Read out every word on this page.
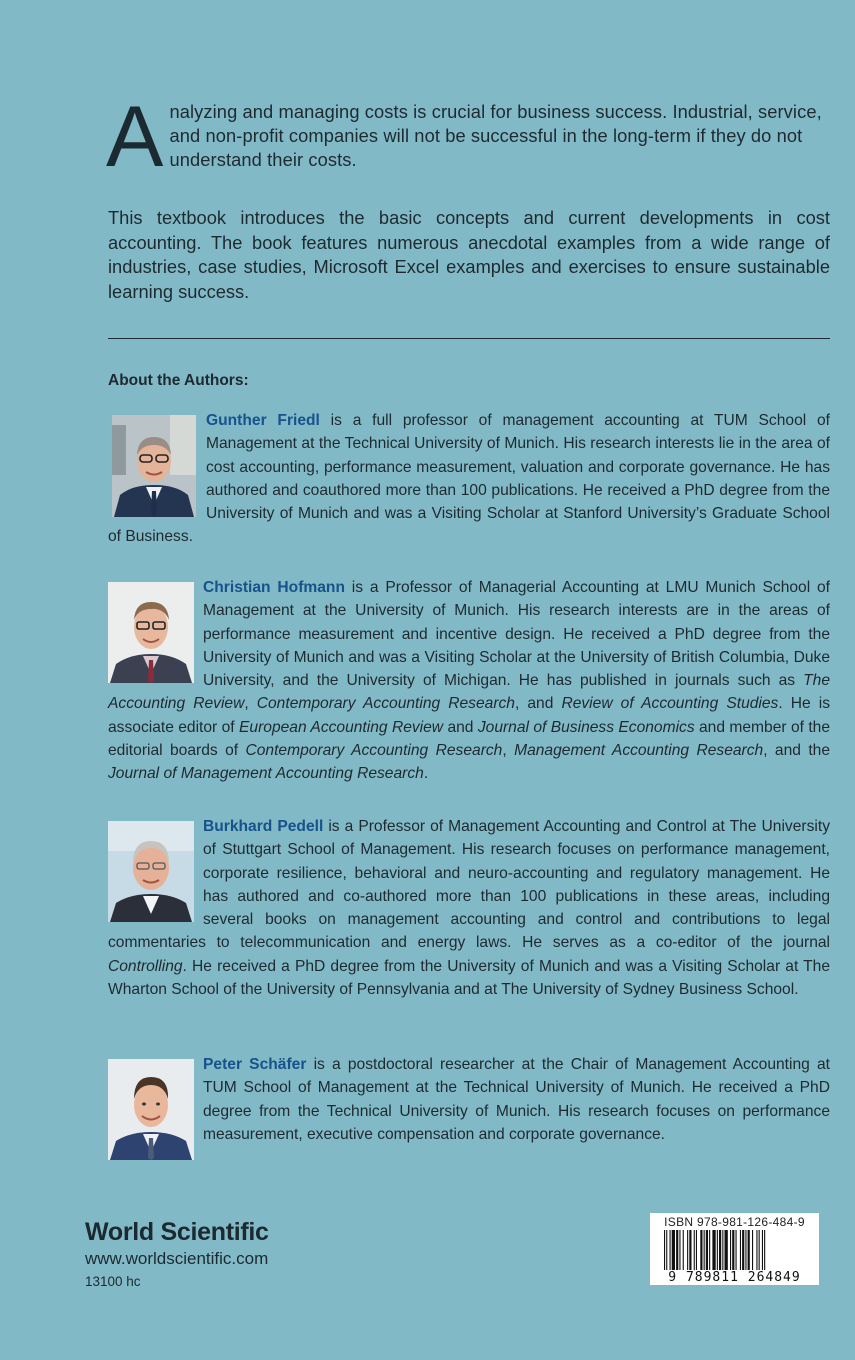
Analyzing and managing costs is crucial for business success. Industrial, service, and non-profit companies will not be successful in the long-term if they do not understand their costs.
This textbook introduces the basic concepts and current developments in cost accounting. The book features numerous anecdotal examples from a wide range of industries, case studies, Microsoft Excel examples and exercises to ensure sustainable learning success.
About the Authors:
Gunther Friedl is a full professor of management accounting at TUM School of Management at the Technical University of Munich. His research interests lie in the area of cost accounting, performance measurement, valuation and corporate governance. He has authored and coauthored more than 100 publications. He received a PhD degree from the University of Munich and was a Visiting Scholar at Stanford University’s Graduate School of Business.
Christian Hofmann is a Professor of Managerial Accounting at LMU Munich School of Management at the University of Munich. His research interests are in the areas of performance measurement and incentive design. He received a PhD degree from the University of Munich and was a Visiting Scholar at the University of British Columbia, Duke University, and the University of Michigan. He has published in journals such as The Accounting Review, Contemporary Accounting Research, and Review of Accounting Studies. He is associate editor of European Accounting Review and Journal of Business Economics and member of the editorial boards of Contemporary Accounting Research, Management Accounting Research, and the Journal of Management Accounting Research.
Burkhard Pedell is a Professor of Management Accounting and Control at The University of Stuttgart School of Management. His research focuses on performance management, corporate resilience, behavioral and neuro-accounting and regulatory management. He has authored and co-authored more than 100 publications in these areas, including several books on management accounting and control and contributions to legal commentaries to telecommunication and energy laws. He serves as a co-editor of the journal Controlling. He received a PhD degree from the University of Munich and was a Visiting Scholar at The Wharton School of the University of Pennsylvania and at The University of Sydney Business School.
Peter Schäfer is a postdoctoral researcher at the Chair of Management Accounting at TUM School of Management at the Technical University of Munich. He received a PhD degree from the Technical University of Munich. His research focuses on performance measurement, executive compensation and corporate governance.
World Scientific
www.worldscientific.com
13100 hc
ISBN 978-981-126-484-9
9 789811 264849
